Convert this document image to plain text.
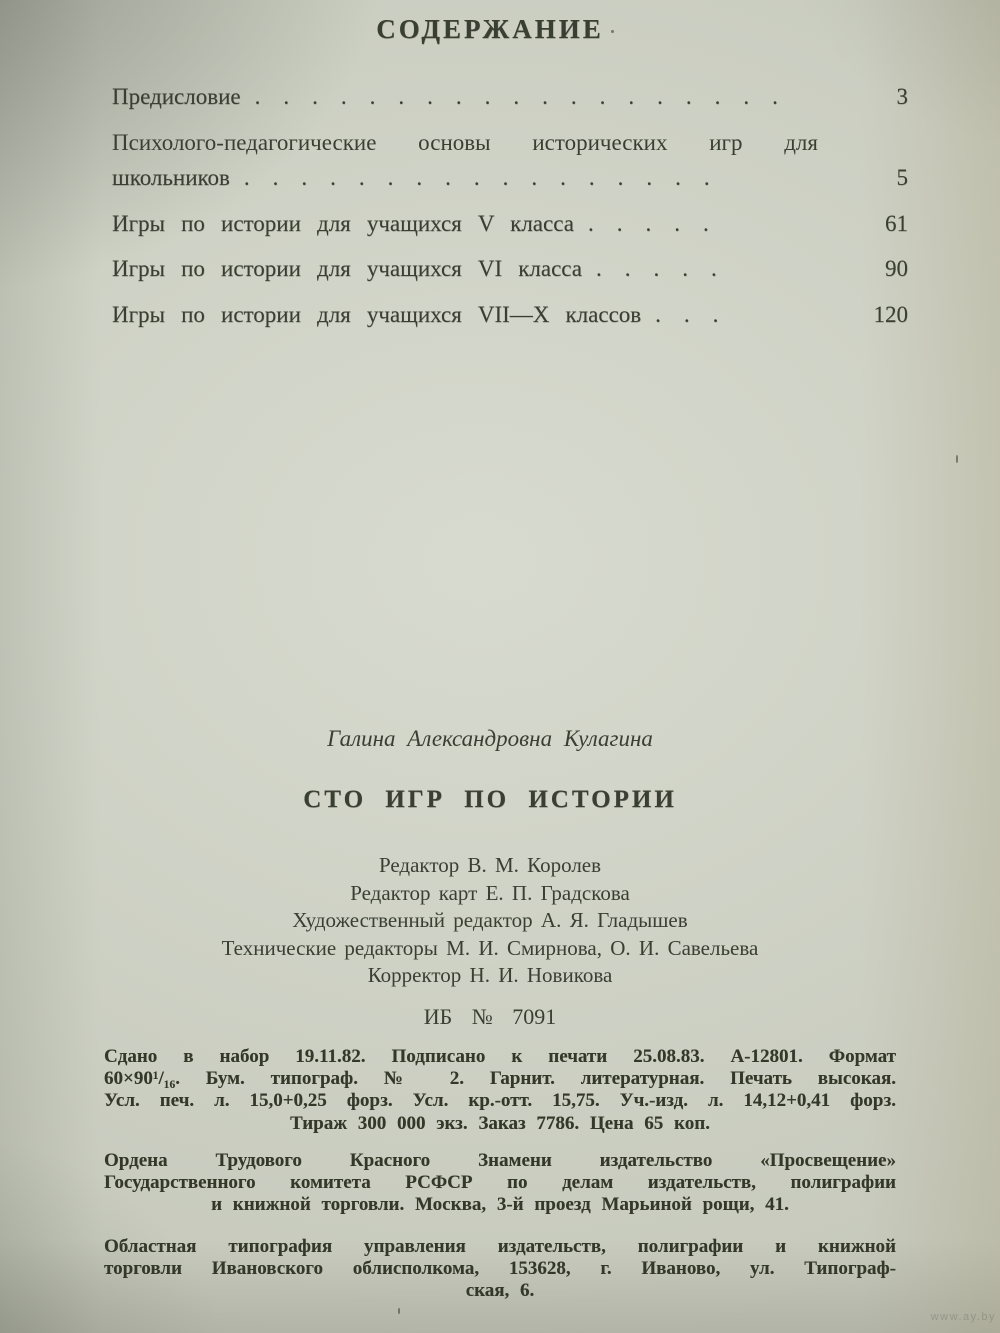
СОДЕРЖАНИЕ
Предисловие ...................	3
Психолого-педагогические основы исторических игр для
школьников .................	5
Игры по истории для учащихся V класса .....	61
Игры по истории для учащихся VI класса .....	90
Игры по истории для учащихся VII—X классов ...	120
Галина Александровна Кулагина
СТО ИГР ПО ИСТОРИИ
Редактор В. М. Королев
Редактор карт Е. П. Градскова
Художественный редактор А. Я. Гладышев
Технические редакторы М. И. Смирнова, О. И. Савельева
Корректор Н. И. Новикова
ИБ № 7091
Сдано в набор 19.11.82. Подписано к печати 25.08.83. А-12801. Формат
60×90¹/₁₆. Бум. типограф. № 2. Гарнит. литературная. Печать высокая.
Усл. печ. л. 15,0+0,25 форз. Усл. кр.-отт. 15,75. Уч.-изд. л. 14,12+0,41 форз.
Тираж 300 000 экз. Заказ 7786. Цена 65 коп.
Ордена Трудового Красного Знамени издательство «Просвещение»
Государственного комитета РСФСР по делам издательств, полиграфии
и книжной торговли. Москва, 3-й проезд Марьиной рощи, 41.
Областная типография управления издательств, полиграфии и книжной
торговли Ивановского облисполкома, 153628, г. Иваново, ул. Типограф-
ская, 6.
www.ay.by
